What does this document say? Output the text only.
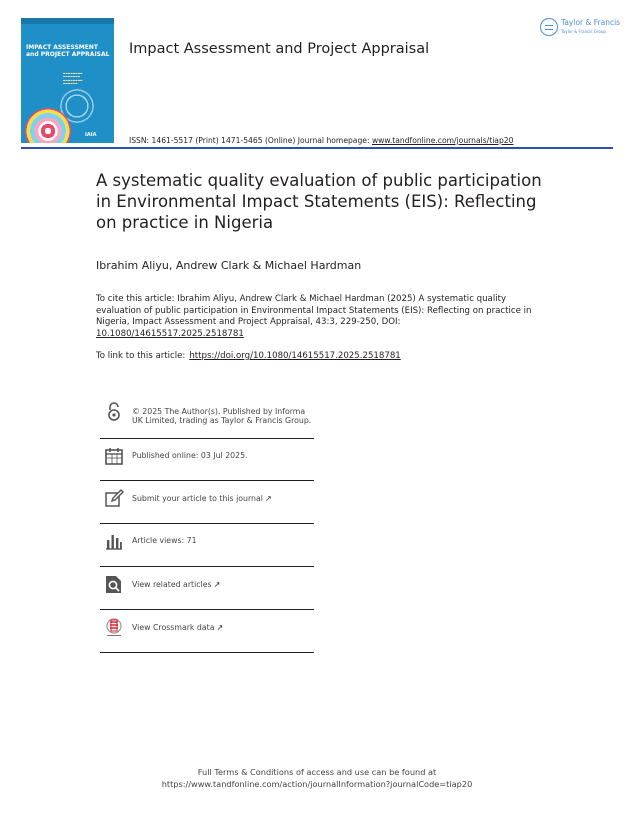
IMPACT ASSESSMENT
and PROJECT APPRAISAL
▬▬▬▬▬▬▬▬
▬▬▬▬▬▬▬
▬▬▬▬▬▬▬▬
▬▬▬▬▬▬
IAIA
Impact Assessment and Project Appraisal
Taylor & Francis
Taylor & Francis Group
ISSN: 1461-5517 (Print) 1471-5465 (Online) Journal homepage: www.tandfonline.com/journals/tiap20
A systematic quality evaluation of public participation in Environmental Impact Statements (EIS): Reflecting on practice in Nigeria
Ibrahim Aliyu, Andrew Clark & Michael Hardman
To cite this article: Ibrahim Aliyu, Andrew Clark & Michael Hardman (2025) A systematic quality evaluation of public participation in Environmental Impact Statements (EIS): Reflecting on practice in Nigeria, Impact Assessment and Project Appraisal, 43:3, 229-250, DOI: 10.1080/14615517.2025.2518781
To link to this article: https://doi.org/10.1080/14615517.2025.2518781
© 2025 The Author(s). Published by Informa UK Limited, trading as Taylor & Francis Group.
Published online: 03 Jul 2025.
Submit your article to this journal ↗
Article views: 71
View related articles ↗
View Crossmark data ↗
Full Terms & Conditions of access and use can be found at
https://www.tandfonline.com/action/journalInformation?journalCode=tiap20
